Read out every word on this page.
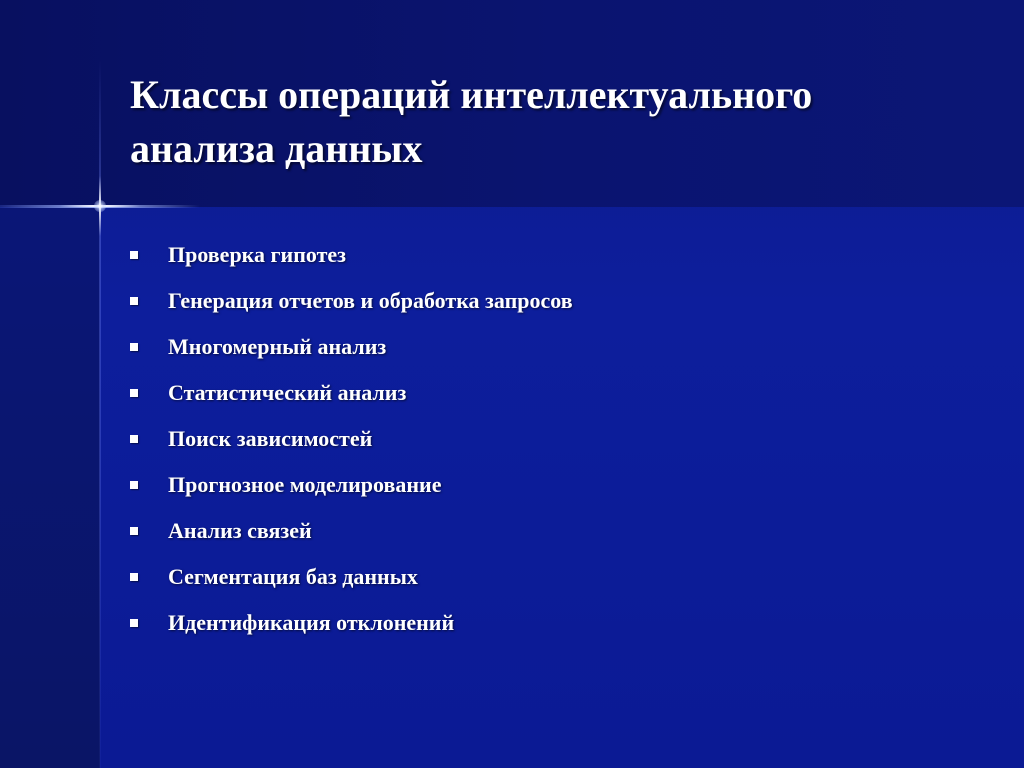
Классы операций интеллектуального
анализа данных
Проверка гипотез
Генерация отчетов и обработка запросов
Многомерный анализ
Статистический анализ
Поиск зависимостей
Прогнозное моделирование
Анализ связей
Сегментация баз данных
Идентификация отклонений
